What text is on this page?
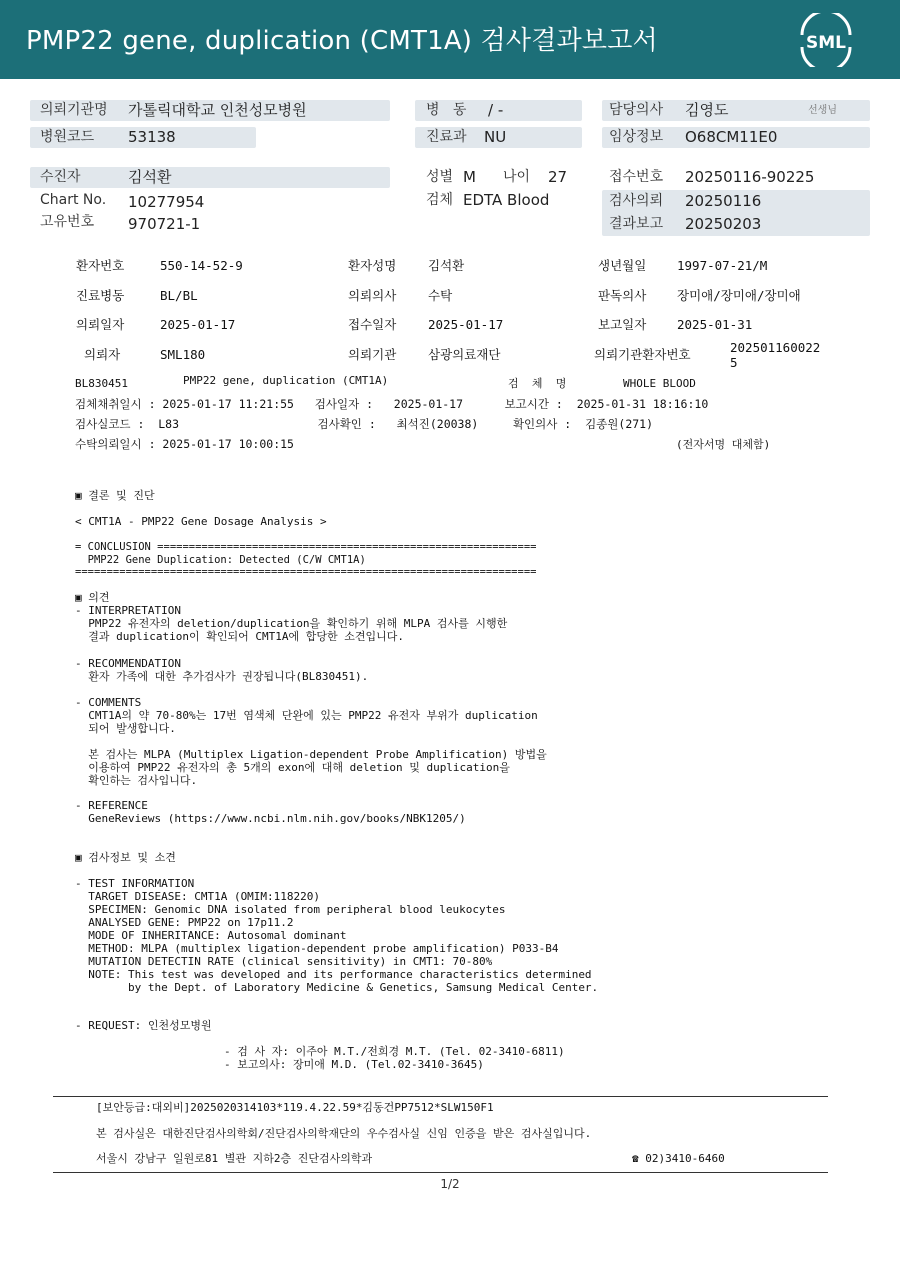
PMP22 gene, duplication (CMT1A) 검사결과보고서	SML
의뢰기관명 가톨릭대학교 인천성모병원	병   동 / -	담당의사 김영도	선생님
병원코드 53138	진료과 NU	임상정보 O68CM11E0
수진자	김석환	성별 M 나이 27	접수번호 20250116-90225
Chart No. 10277954	검체 EDTA Blood	검사의뢰 20250116
고유번호 970721-1	결과보고 20250203
환자번호	550-14-52-9	환자성명	김석환	생년월일 1997-07-21/M
진료병동	BL/BL	의뢰의사	수탁	판독의사 장미애/장미애/장미애
의뢰일자	2025-01-17	접수일자	2025-01-17	보고일자 2025-01-31
의뢰자	SML180	의뢰기관	삼광의료재단	의뢰기관환자번호	202501160022
5
BL830451	PMP22 gene, duplication (CMT1A)	검  체  명	WHOLE BLOOD
검체채취일시 : 2025-01-17 11:21:55   검사일자 :   2025-01-17      보고시간 :  2025-01-31 18:16:10
검사실코드 :  L83                    검사확인 :   최석진(20038)     확인의사 :  김종원(271)
수탁의뢰일시 : 2025-01-17 10:00:15	(전자서명 대체함)
▣ 결론 및 진단
< CMT1A - PMP22 Gene Dosage Analysis >
= CONCLUSION ============================================================
PMP22 Gene Duplication: Detected (C/W CMT1A)
=========================================================================
▣ 의견
- INTERPRETATION
PMP22 유전자의 deletion/duplication을 확인하기 위해 MLPA 검사를 시행한
결과 duplication이 확인되어 CMT1A에 합당한 소견입니다.
- RECOMMENDATION
환자 가족에 대한 추가검사가 권장됩니다(BL830451).
- COMMENTS
CMT1A의 약 70-80%는 17번 염색체 단완에 있는 PMP22 유전자 부위가 duplication
되어 발생합니다.

본 검사는 MLPA (Multiplex Ligation-dependent Probe Amplification) 방법을
이용하여 PMP22 유전자의 총 5개의 exon에 대해 deletion 및 duplication을
확인하는 검사입니다.
- REFERENCE
GeneReviews (https://www.ncbi.nlm.nih.gov/books/NBK1205/)
▣ 검사정보 및 소견
- TEST INFORMATION
TARGET DISEASE: CMT1A (OMIM:118220)
SPECIMEN: Genomic DNA isolated from peripheral blood leukocytes
ANALYSED GENE: PMP22 on 17p11.2
MODE OF INHERITANCE: Autosomal dominant
METHOD: MLPA (multiplex ligation-dependent probe amplification) P033-B4
MUTATION DETECTIN RATE (clinical sensitivity) in CMT1: 70-80%
NOTE: This test was developed and its performance characteristics determined
by the Dept. of Laboratory Medicine & Genetics, Samsung Medical Center.
- REQUEST: 인천성모병원
- 검 사 자: 이주아 M.T./전희경 M.T. (Tel. 02-3410-6811)
- 보고의사: 장미애 M.D. (Tel.02-3410-3645)
[보안등급:대외비]2025020314103*119.4.22.59*김동건PP7512*SLW150F1
본 검사실은 대한진단검사의학회/진단검사의학재단의 우수검사실 신임 인증을 받은 검사실입니다.
서울시 강남구 일원로81 별관 지하2층 진단검사의학과	☎ 02)3410-6460
1/2
